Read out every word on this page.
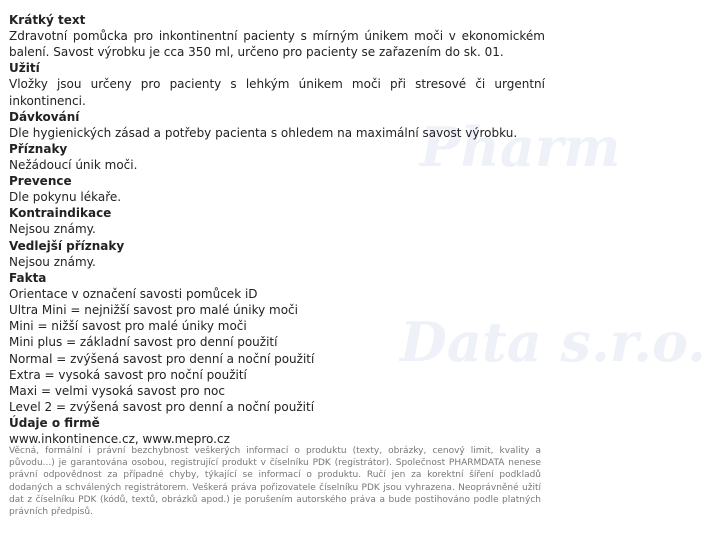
Pharm
Data s.r.o.
Krátký text
Zdravotní pomůcka pro inkontinentní pacienty s mírným únikem moči v ekonomickém balení. Savost výrobku je cca 350 ml, určeno pro pacienty se zařazením do sk. 01.
Užití
Vložky jsou určeny pro pacienty s lehkým únikem moči při stresové či urgentní inkontinenci.
Dávkování
Dle hygienických zásad a potřeby pacienta s ohledem na maximální savost výrobku.
Příznaky
Nežádoucí únik moči.
Prevence
Dle pokynu lékaře.
Kontraindikace
Nejsou známy.
Vedlejší příznaky
Nejsou známy.
Fakta
Orientace v označení savosti pomůcek iD
Ultra Mini = nejnižší savost pro malé úniky moči
Mini = nižší savost pro malé úniky moči
Mini plus = základní savost pro denní použití
Normal = zvýšená savost pro denní a noční použití
Extra = vysoká savost pro noční použití
Maxi = velmi vysoká savost pro noc
Level 2 = zvýšená savost pro denní a noční použití
Údaje o firmě
www.inkontinence.cz, www.mepro.cz
Věcná, formální i právní bezchybnost veškerých informací o produktu (texty, obrázky, cenový limit, kvality a původu...) je garantována osobou, registrující produkt v číselníku PDK (registrátor). Společnost PHARMDATA nenese právní odpovědnost za případné chyby, týkající se informací o produktu. Ručí jen za korektní šíření podkladů dodaných a schválených registrátorem. Veškerá práva pořizovatele číselníku PDK jsou vyhrazena. Neoprávněné užití dat z číselníku PDK (kódů, textů, obrázků apod.) je porušením autorského práva a bude postihováno podle platných právních předpisů.
